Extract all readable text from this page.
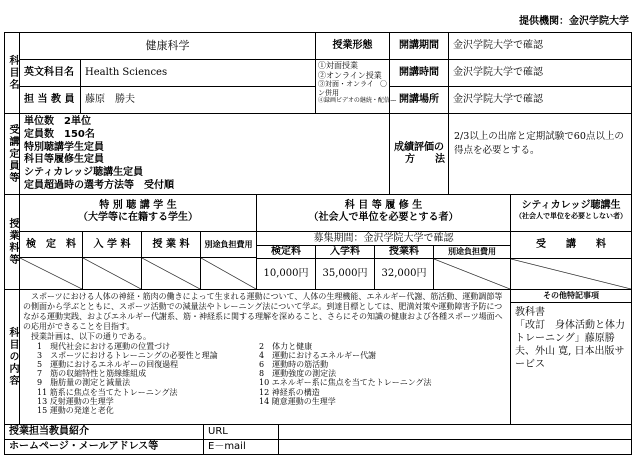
提供機関：金沢学院大学
科目名
健康科学
英文科目名	Health Sciences
担 当 教 員	藤原　勝夫
授業形態
①対面授業
②オンライン授業
③対面・オンライン併用
〇
④録画ビデオの継続・配信 ー
開講期間	金沢学院大学で確認
開講時間	金沢学院大学で確認
開講場所	金沢学院大学で確認
受講定員等
単位数　2単位
定員数　150名
特別聴講学生定員
科目等履修生定員
シティカレッジ聴講生定員
定員超過時の選考方法等　受付順
成績評価の
方　　法
2/3以上の出席と定期試験で60点以上の得点を必要とする。
授業料等
特 別 聴 講 学 生
（大学等に在籍する学生）
検　定　料	入 学 料	授 業 料	別途負担費用
科 目 等 履 修 生
（社会人で単位を必要とする者）
募集期間：金沢学院大学で確認
検定料	入学料	授業料	別途負担費用
10,000円	35,000円	32,000円
シティカレッジ聴講生
（社会人で単位を必要としない者）
受　　講　　料
科目の内容
　スポーツにおける人体の神経・筋肉の働きによって生まれる運動について、人体の生理機能、エネルギー代謝、筋活動、運動調節等の側面から学ぶとともに、スポーツ活動での減量法やトレーニング法について学ぶ。到達目標としては、肥満対策や運動障害予防につながる運動実践、およびエネルギー代謝系、筋・神経系に関する理解を深めること、さらにその知識の健康および各種スポーツ場面への応用ができることを目指す。
　授業計画は、以下の通りである。
1　現代社会における運動の位置づけ
3　スポーツにおけるトレーニングの必要性と理論
5　運動におけるエネルギーの回復過程
7　筋の収縮特性と筋線維組成
9　脂肪量の測定と減量法
11 筋系に焦点を当てたトレーニング法
13 反射運動の生理学
15 運動の発達と老化
2　体力と健康
4　運動におけるエネルギー代謝
6　運動時の筋活動
8　運動強度の測定法
10 エネルギー系に焦点を当てたトレーニング法
12 神経系の構造
14 随意運動の生理学
その他特記事項
教科書
「改訂　身体活動と体力トレーニング」藤原勝夫、外山 寛, 日本出版サービス
授業担当教員紹介	URL
ホームページ・メールアドレス等	E－mail
